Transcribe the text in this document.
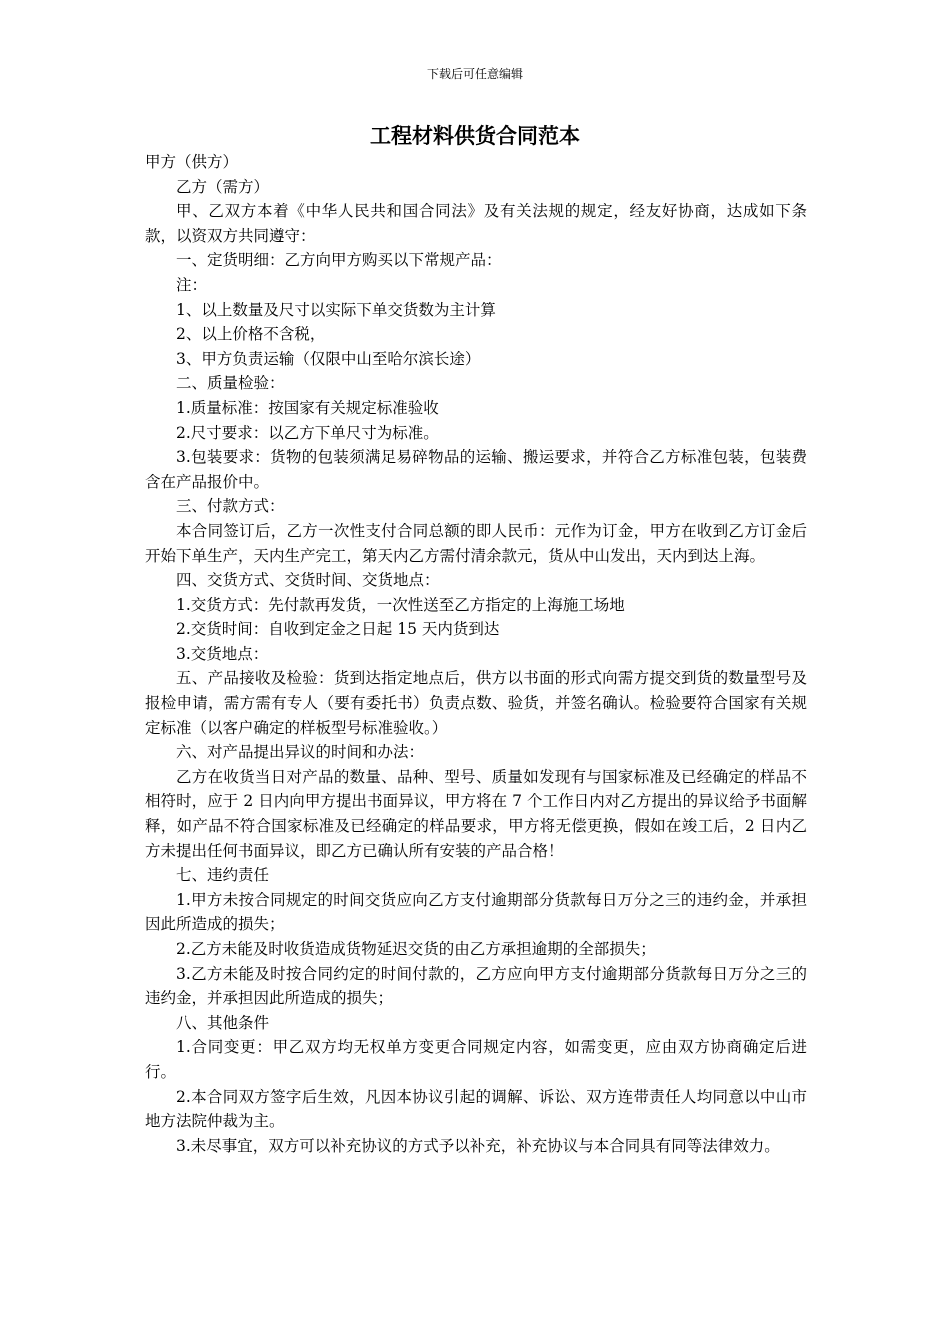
下载后可任意编辑
工程材料供货合同范本

甲方（供方）

乙方（需方）

甲、乙双方本着《中华人民共和国合同法》及有关法规的规定，经友好协商，达成如下条款，以资双方共同遵守：

一、定货明细：乙方向甲方购买以下常规产品：

注：

1、以上数量及尺寸以实际下单交货数为主计算

2、以上价格不含税，

3、甲方负责运输（仅限中山至哈尔滨长途）

二、质量检验：

1.质量标准：按国家有关规定标准验收

2.尺寸要求：以乙方下单尺寸为标准。

3.包装要求：货物的包装须满足易碎物品的运输、搬运要求，并符合乙方标准包装，包装费含在产品报价中。

三、付款方式：

本合同签订后，乙方一次性支付合同总额的即人民币：元作为订金，甲方在收到乙方订金后开始下单生产，天内生产完工，第天内乙方需付清余款元，货从中山发出，天内到达上海。

四、交货方式、交货时间、交货地点：

1.交货方式：先付款再发货，一次性送至乙方指定的上海施工场地

2.交货时间：自收到定金之日起 15 天内货到达

3.交货地点：

五、产品接收及检验：货到达指定地点后，供方以书面的形式向需方提交到货的数量型号及报检申请，需方需有专人（要有委托书）负责点数、验货，并签名确认。检验要符合国家有关规定标准（以客户确定的样板型号标准验收。）

六、对产品提出异议的时间和办法：

乙方在收货当日对产品的数量、品种、型号、质量如发现有与国家标准及已经确定的样品不相符时，应于 2 日内向甲方提出书面异议，甲方将在 7 个工作日内对乙方提出的异议给予书面解释，如产品不符合国家标准及已经确定的样品要求，甲方将无偿更换，假如在竣工后，2 日内乙方未提出任何书面异议，即乙方已确认所有安装的产品合格！

七、违约责任

1.甲方未按合同规定的时间交货应向乙方支付逾期部分货款每日万分之三的违约金，并承担因此所造成的损失；

2.乙方未能及时收货造成货物延迟交货的由乙方承担逾期的全部损失；

3.乙方未能及时按合同约定的时间付款的，乙方应向甲方支付逾期部分货款每日万分之三的违约金，并承担因此所造成的损失；

八、其他条件

1.合同变更：甲乙双方均无权单方变更合同规定内容，如需变更，应由双方协商确定后进行。

2.本合同双方签字后生效，凡因本协议引起的调解、诉讼、双方连带责任人均同意以中山市地方法院仲裁为主。

3.未尽事宜，双方可以补充协议的方式予以补充，补充协议与本合同具有同等法律效力。
